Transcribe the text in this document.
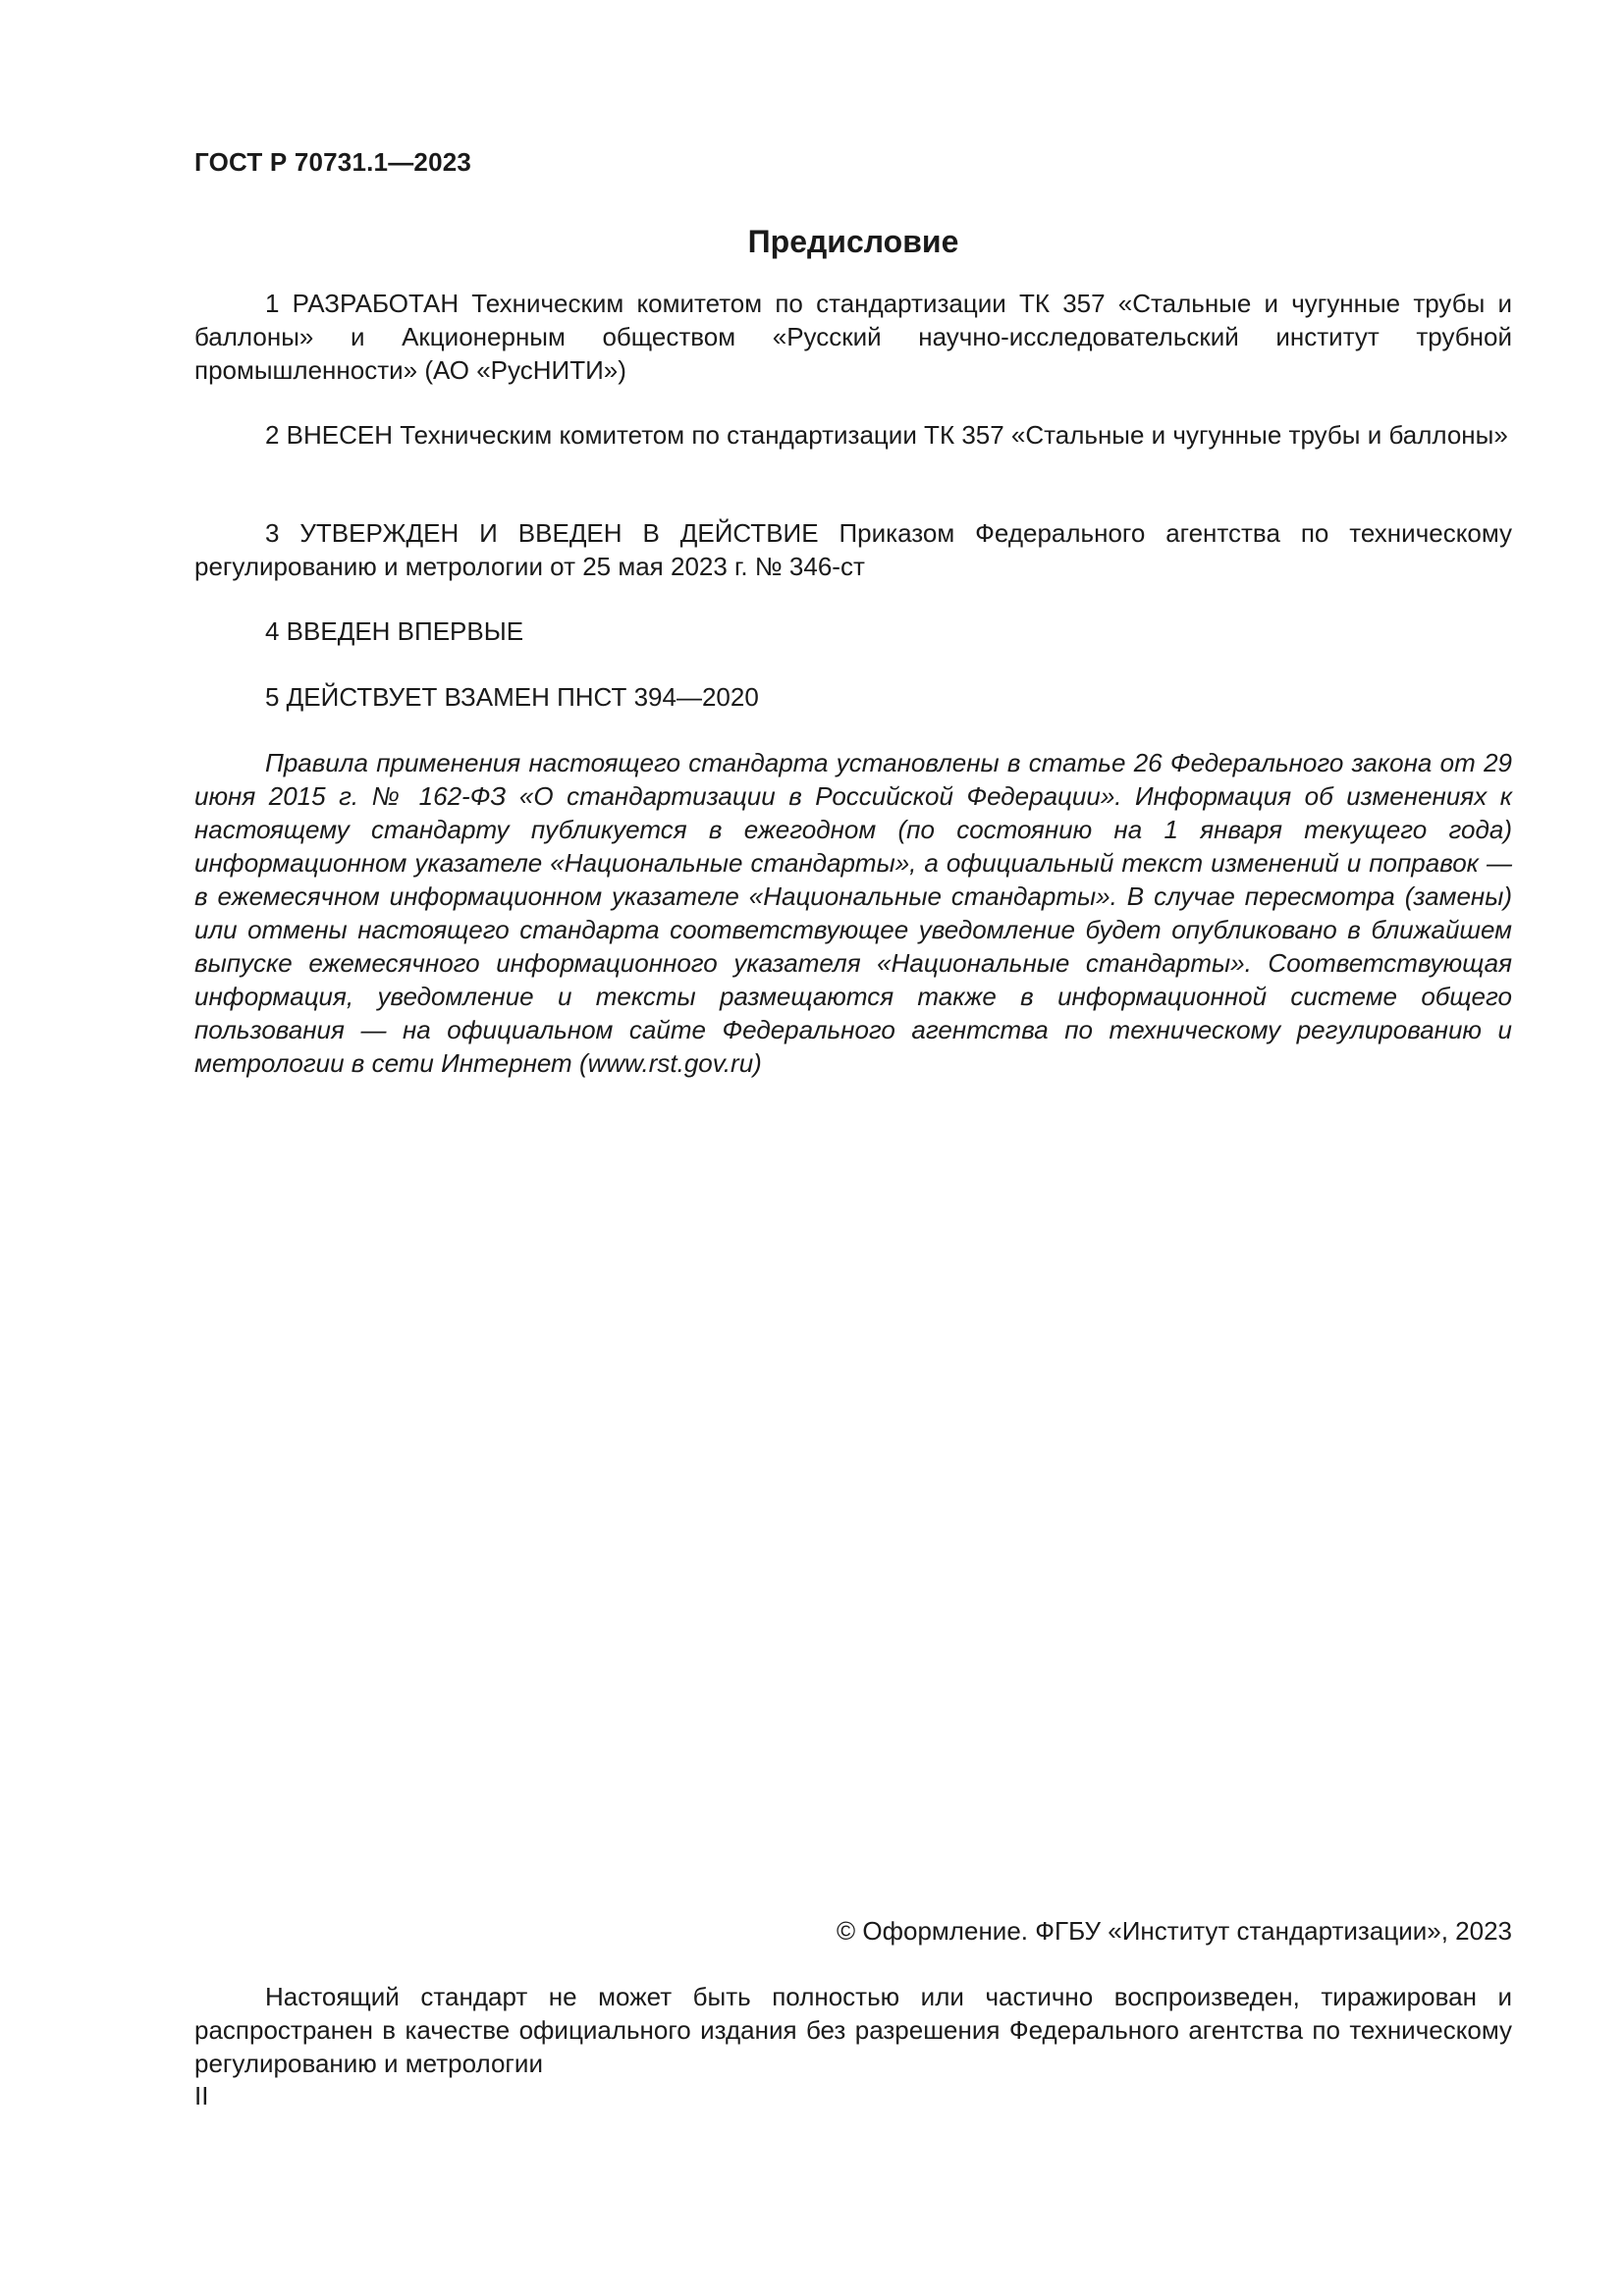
ГОСТ Р 70731.1—2023
Предисловие
1 РАЗРАБОТАН Техническим комитетом по стандартизации ТК 357 «Стальные и чугунные трубы и баллоны» и Акционерным обществом «Русский научно-исследовательский институт трубной промышленности» (АО «РусНИТИ»)
2 ВНЕСЕН Техническим комитетом по стандартизации ТК 357 «Стальные и чугунные трубы и баллоны»
3 УТВЕРЖДЕН И ВВЕДЕН В ДЕЙСТВИЕ Приказом Федерального агентства по техническому регулированию и метрологии от 25 мая 2023 г. № 346-ст
4 ВВЕДЕН ВПЕРВЫЕ
5 ДЕЙСТВУЕТ ВЗАМЕН ПНСТ 394—2020
Правила применения настоящего стандарта установлены в статье 26 Федерального закона от 29 июня 2015 г. № 162-ФЗ «О стандартизации в Российской Федерации». Информация об изменениях к настоящему стандарту публикуется в ежегодном (по состоянию на 1 января текущего года) информационном указателе «Национальные стандарты», а официальный текст изменений и поправок — в ежемесячном информационном указателе «Национальные стандарты». В случае пересмотра (замены) или отмены настоящего стандарта соответствующее уведомление будет опубликовано в ближайшем выпуске ежемесячного информационного указателя «Национальные стандарты». Соответствующая информация, уведомление и тексты размещаются также в информационной системе общего пользования — на официальном сайте Федерального агентства по техническому регулированию и метрологии в сети Интернет (www.rst.gov.ru)
© Оформление. ФГБУ «Институт стандартизации», 2023
Настоящий стандарт не может быть полностью или частично воспроизведен, тиражирован и распространен в качестве официального издания без разрешения Федерального агентства по техническому регулированию и метрологии
II
